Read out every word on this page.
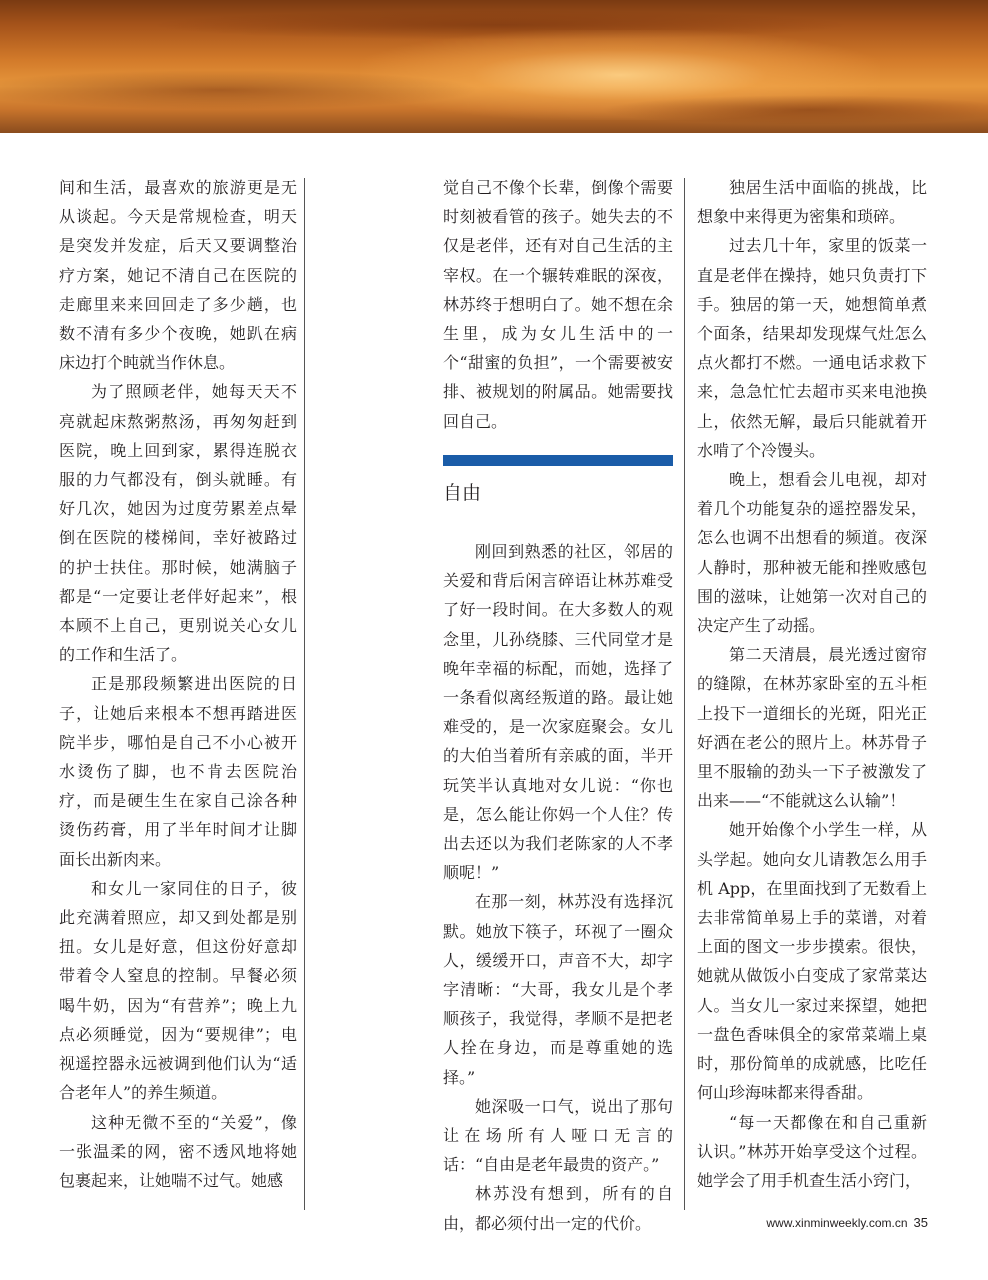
间和生活，最喜欢的旅游更是无从谈起。今天是常规检查，明天是突发并发症，后天又要调整治疗方案，她记不清自己在医院的走廊里来来回回走了多少趟，也数不清有多少个夜晚，她趴在病床边打个盹就当作休息。

为了照顾老伴，她每天天不亮就起床熬粥熬汤，再匆匆赶到医院，晚上回到家，累得连脱衣服的力气都没有，倒头就睡。有好几次，她因为过度劳累差点晕倒在医院的楼梯间，幸好被路过的护士扶住。那时候，她满脑子都是“一定要让老伴好起来”，根本顾不上自己，更别说关心女儿的工作和生活了。

正是那段频繁进出医院的日子，让她后来根本不想再踏进医院半步，哪怕是自己不小心被开水烫伤了脚，也不肯去医院治疗，而是硬生生在家自己涂各种烫伤药膏，用了半年时间才让脚面长出新肉来。

和女儿一家同住的日子，彼此充满着照应，却又到处都是别扭。女儿是好意，但这份好意却带着令人窒息的控制。早餐必须喝牛奶，因为“有营养”；晚上九点必须睡觉，因为“要规律”；电视遥控器永远被调到他们认为“适合老年人”的养生频道。

这种无微不至的“关爱”，像一张温柔的网，密不透风地将她包裹起来，让她喘不过气。她感

觉自己不像个长辈，倒像个需要时刻被看管的孩子。她失去的不仅是老伴，还有对自己生活的主宰权。在一个辗转难眠的深夜，林苏终于想明白了。她不想在余生里，成为女儿生活中的一个“甜蜜的负担”，一个需要被安排、被规划的附属品。她需要找回自己。

自由

刚回到熟悉的社区，邻居的关爱和背后闲言碎语让林苏难受了好一段时间。在大多数人的观念里，儿孙绕膝、三代同堂才是晚年幸福的标配，而她，选择了一条看似离经叛道的路。最让她难受的，是一次家庭聚会。女儿的大伯当着所有亲戚的面，半开玩笑半认真地对女儿说：“你也是，怎么能让你妈一个人住？传出去还以为我们老陈家的人不孝顺呢！”

在那一刻，林苏没有选择沉默。她放下筷子，环视了一圈众人，缓缓开口，声音不大，却字字清晰：“大哥，我女儿是个孝顺孩子，我觉得，孝顺不是把老人拴在身边，而是尊重她的选择。”

她深吸一口气，说出了那句让在场所有人哑口无言的话：“自由是老年最贵的资产。”

林苏没有想到，所有的自由，都必须付出一定的代价。

独居生活中面临的挑战，比想象中来得更为密集和琐碎。

过去几十年，家里的饭菜一直是老伴在操持，她只负责打下手。独居的第一天，她想简单煮个面条，结果却发现煤气灶怎么点火都打不燃。一通电话求救下来，急急忙忙去超市买来电池换上，依然无解，最后只能就着开水啃了个冷馒头。

晚上，想看会儿电视，却对着几个功能复杂的遥控器发呆，怎么也调不出想看的频道。夜深人静时，那种被无能和挫败感包围的滋味，让她第一次对自己的决定产生了动摇。

第二天清晨，晨光透过窗帘的缝隙，在林苏家卧室的五斗柜上投下一道细长的光斑，阳光正好洒在老公的照片上。林苏骨子里不服输的劲头一下子被激发了出来——“不能就这么认输”！

她开始像个小学生一样，从头学起。她向女儿请教怎么用手机 App，在里面找到了无数看上去非常简单易上手的菜谱，对着上面的图文一步步摸索。很快，她就从做饭小白变成了家常菜达人。当女儿一家过来探望，她把一盘色香味俱全的家常菜端上桌时，那份简单的成就感，比吃任何山珍海味都来得香甜。

“每一天都像在和自己重新认识。”林苏开始享受这个过程。她学会了用手机查生活小窍门，

www.xinminweekly.com.cn 35
